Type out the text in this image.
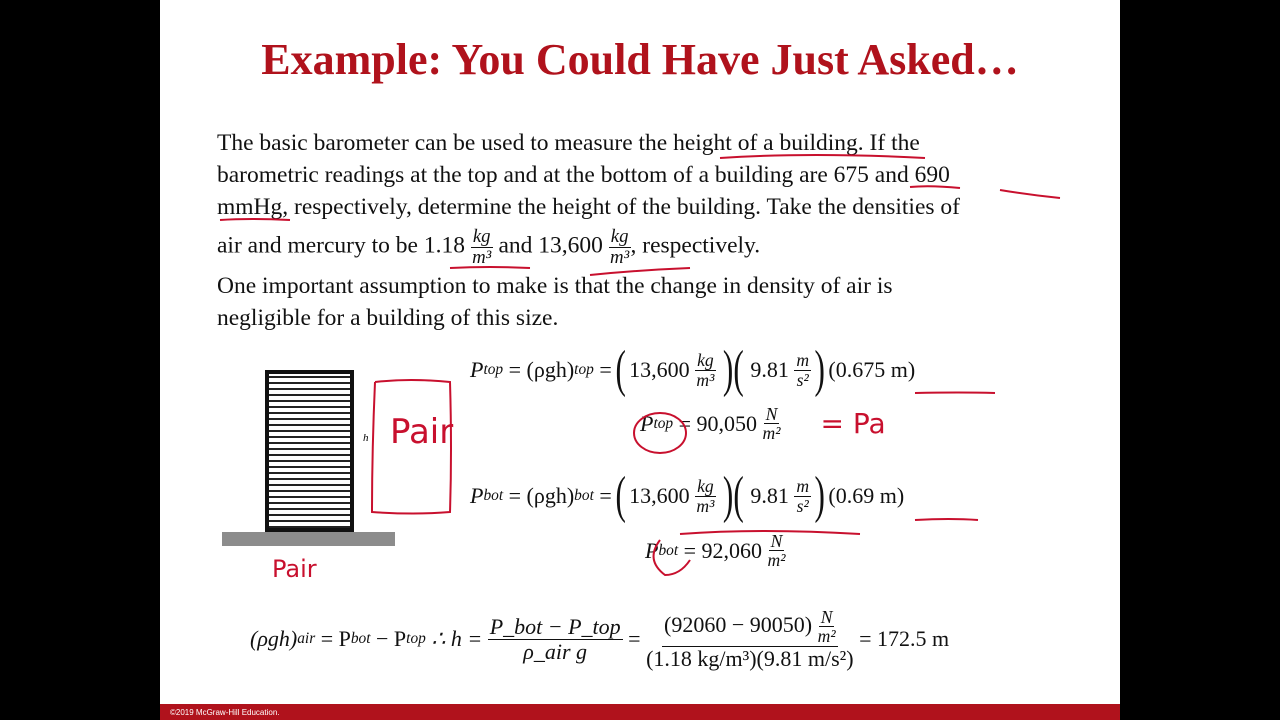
Example: You Could Have Just Asked…
The basic barometer can be used to measure the height of a building. If the
barometric readings at the top and at the bottom of a building are 675 and 690
mmHg, respectively, determine the height of the building. Take the densities of
air and mercury to be $1.18 \frac{kg}{\text{m³}}$ and $13,600 \frac{kg}{\text{m³}}$ , respectively.
One important assumption to make is that the change in density of air is
negligible for a building of this size.
h Pair
Pair
P top
= (ρgh) top = ( 13,600
$\frac{kg}{\text{m³}}$ )( 9.81
$\frac{m}{\text{s²}}$ ) (0.675 m)
P top
= 90,050
$\frac{N}{\text{m²}} = Pa$
P bot
= (ρgh) bot = ( 13,600
$\frac{kg}{\text{m³}}$ )( 9.81
$\frac{m}{\text{s²}}$ ) (0.69 m)
P bot
= 92,060
$\frac{N}{\text{m²}}$
(ρgh) air
= P bot
− P top
∴ h =
$\frac{\text{P\_bot − P\_top}}{\text{ρ\_air g}} = \frac{(92060 - 90050) \frac{N}{\text{m²}}}{\text{(1.18 kg/m³)(9.81 m/s²)}}$
= 172.5 m
©2019 McGraw-Hill Education.
